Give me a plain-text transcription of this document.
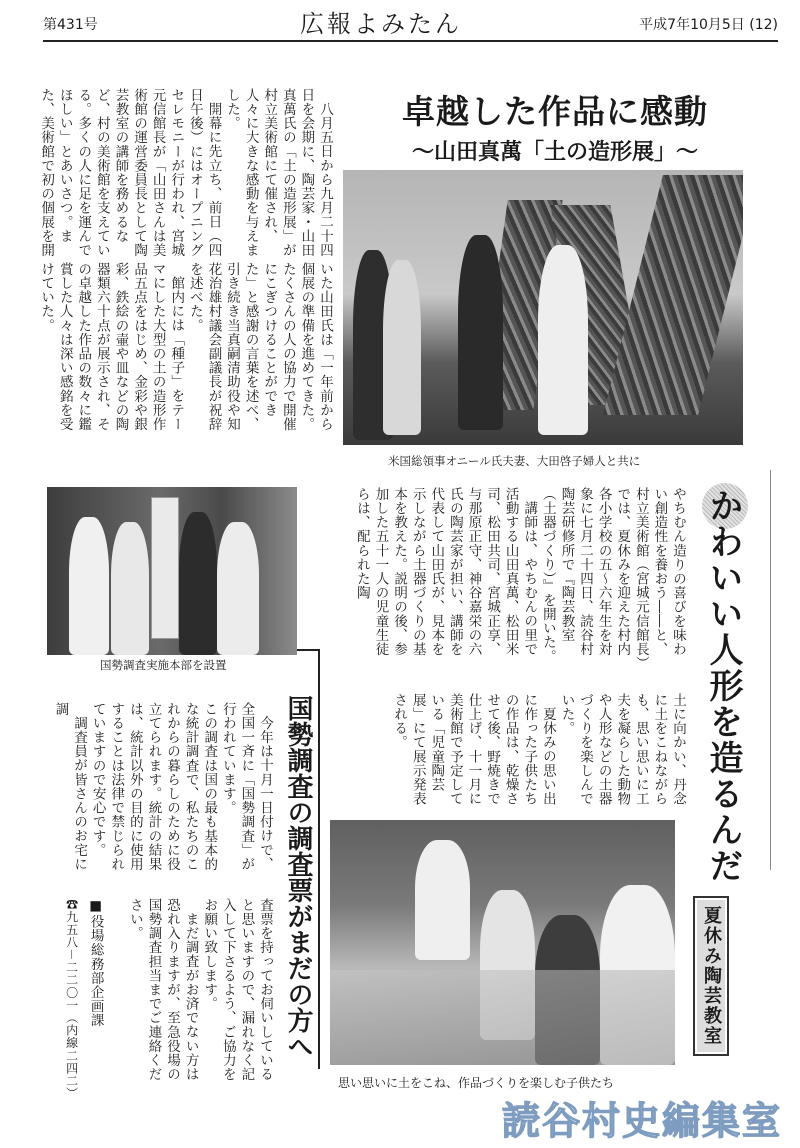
第431号	広報よみたん	平成7年10月5日 (12)

八月五日から九月二十四日を会期に、陶芸家・山田真萬氏の「土の造形展」が村立美術館にて催され、人々に大きな感動を与えました。

開幕に先立ち、前日（四日午後）にはオープニングセレモニーが行われ、宮城元信館長が「山田さんは美術館の運営委員長として陶芸教室の講師を務めるなど、村の美術館を支えている。多くの人に足を運んでほしい」とあいさつ。また、美術館で初の個展を開

いた山田氏は「一年前から個展の準備を進めてきた。たくさんの人の協力で開催にこぎつけることができた」と感謝の言葉を述べ、引き続き当真嗣清助役や知花治雄村議会副議長が祝辞を述べた。

館内には「種子」をテーマにした大型の土の造形作品五点をはじめ、金彩や銀彩、鉄絵の壷や皿などの陶器類六十点が展示され、その卓越した作品の数々に鑑賞した人々は深い感銘を受けていた。

卓越した作品に感動
～山田真萬「土の造形展」～
米国総領事オニール氏夫妻、大田啓子婦人と共に
国勢調査実施本部を設置
国勢調査の調査票がまだの方へ

今年は十月一日付けで、全国一斉に「国勢調査」が行われています。

この調査は国の最も基本的な統計調査で、私たちのこれからの暮らしのために役立てられます。統計の結果は、統計以外の目的に使用することは法律で禁じられていますので安心です。

調査員が皆さんのお宅に調

査票を持ってお伺いしていると思いますので、漏れなく記入して下さるよう、ご協力をお願い致します。

まだ調査がお済でない方は恐れ入りますが、至急役場の国勢調査担当までご連絡ください。

■役場総務部企画課
☎九五八－二二〇一（内線二四二）
かわいい人形を造るんだ

やちむん造りの喜びを味わい創造性を養おう――と、村立美術館（宮城元信館長）では、夏休みを迎えた村内各小学校の五～六年生を対象に七月二十四日、読谷村陶芸研修所で『陶芸教室（土器づくり）』を開いた。

講師は、やちむんの里で活動する山田真萬、松田米司、松田共司、宮城正享、与那原正守、神谷嘉栄の六氏の陶芸家が担い、講師を代表して山田氏が、見本を示しながら土器づくりの基本を教えた。説明の後、参加した五十一人の児童生徒らは、配られた陶

土に向かい、丹念に土をこねながらも、思い思いに工夫を凝らした動物や人形などの土器づくりを楽しんでいた。

夏休みの思い出に作った子供たちの作品は、乾燥させて後、野焼きで仕上げ、十一月に美術館で予定している「児童陶芸展」にて展示発表される。

夏休み陶芸教室
思い思いに土をこね、作品づくりを楽しむ子供たち
読谷村史編集室
